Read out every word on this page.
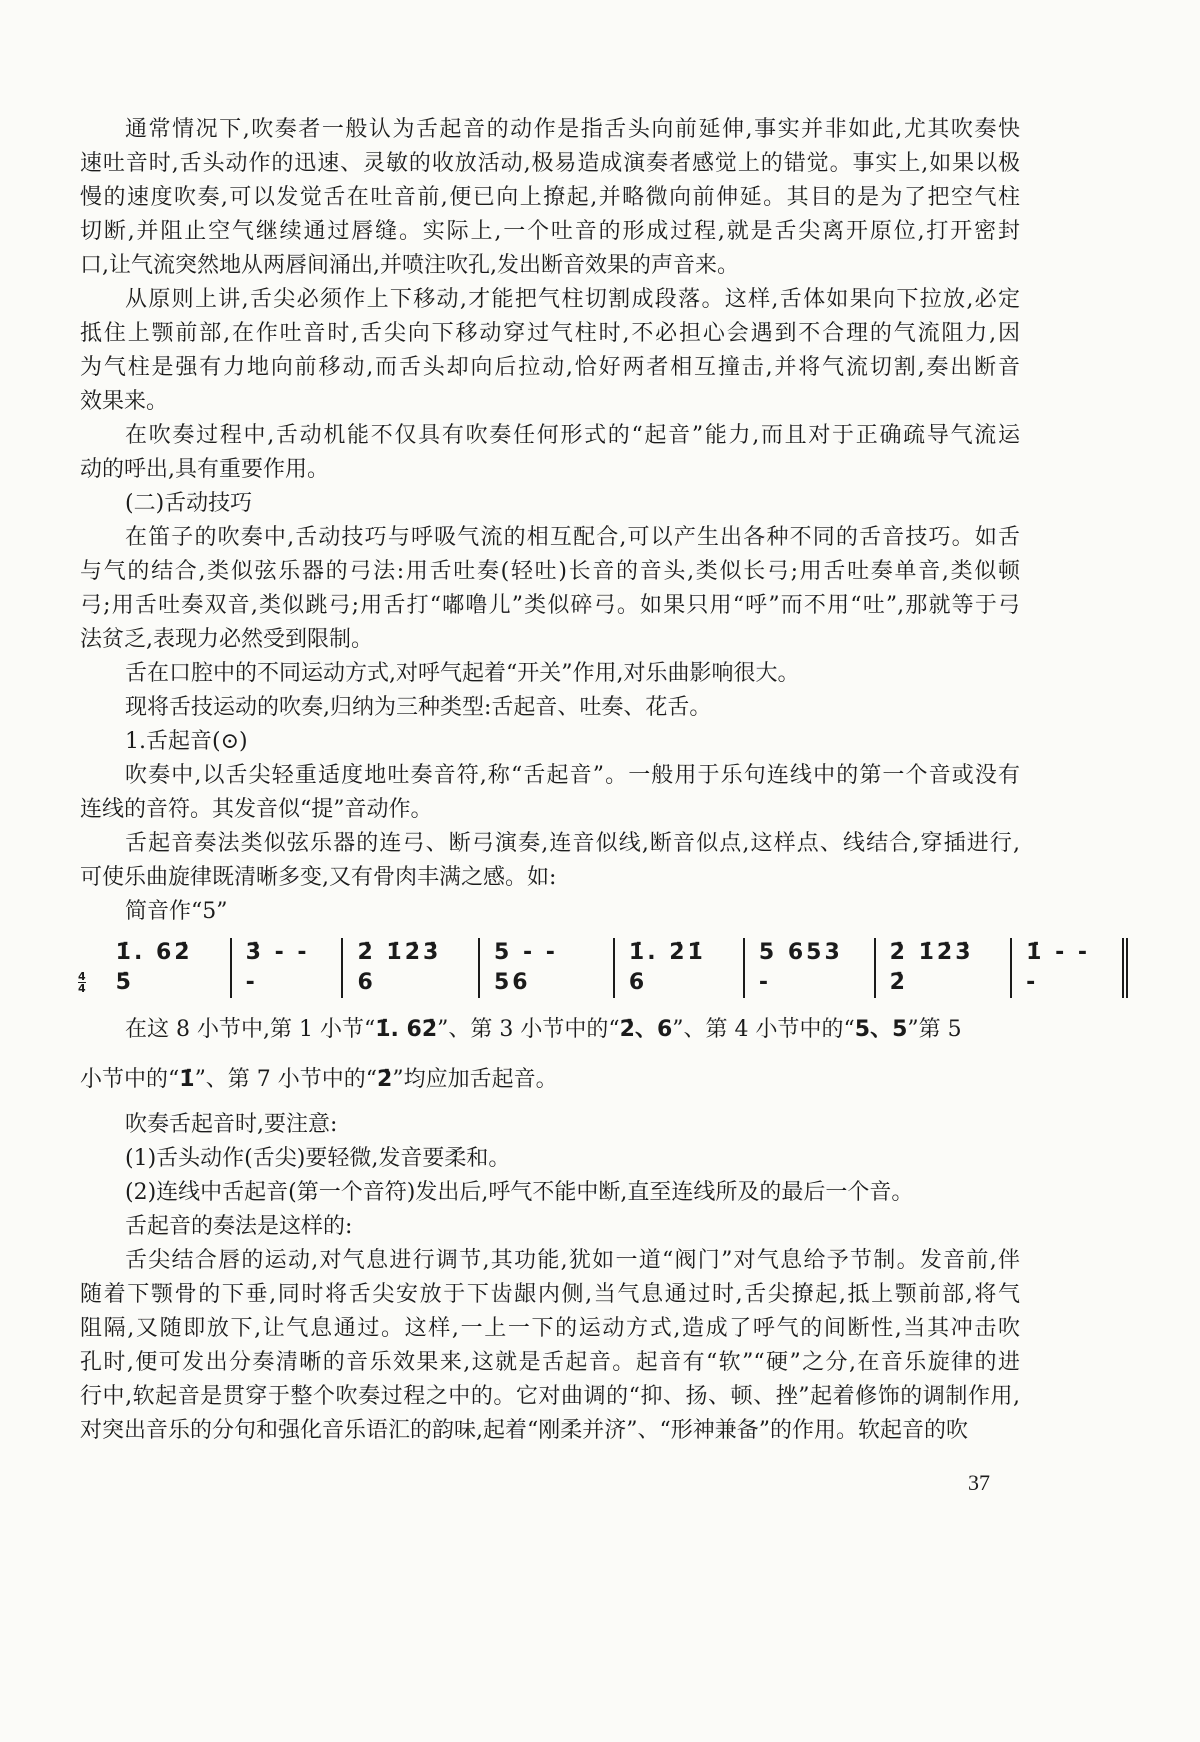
通常情况下,吹奏者一般认为舌起音的动作是指舌头向前延伸,事实并非如此,尤其吹奏快
速吐音时,舌头动作的迅速、灵敏的收放活动,极易造成演奏者感觉上的错觉。事实上,如果以极
慢的速度吹奏,可以发觉舌在吐音前,便已向上撩起,并略微向前伸延。其目的是为了把空气柱
切断,并阻止空气继续通过唇缝。实际上,一个吐音的形成过程,就是舌尖离开原位,打开密封
口,让气流突然地从两唇间涌出,并喷注吹孔,发出断音效果的声音来。
从原则上讲,舌尖必须作上下移动,才能把气柱切割成段落。这样,舌体如果向下拉放,必定
抵住上颚前部,在作吐音时,舌尖向下移动穿过气柱时,不必担心会遇到不合理的气流阻力,因
为气柱是强有力地向前移动,而舌头却向后拉动,恰好两者相互撞击,并将气流切割,奏出断音
效果来。
在吹奏过程中,舌动机能不仅具有吹奏任何形式的“起音”能力,而且对于正确疏导气流运
动的呼出,具有重要作用。
(二)舌动技巧
在笛子的吹奏中,舌动技巧与呼吸气流的相互配合,可以产生出各种不同的舌音技巧。如舌
与气的结合,类似弦乐器的弓法:用舌吐奏(轻吐)长音的音头,类似长弓;用舌吐奏单音,类似顿
弓;用舌吐奏双音,类似跳弓;用舌打“嘟噜儿”类似碎弓。如果只用“呼”而不用“吐”,那就等于弓
法贫乏,表现力必然受到限制。
舌在口腔中的不同运动方式,对呼气起着“开关”作用,对乐曲影响很大。
现将舌技运动的吹奏,归纳为三种类型:舌起音、吐奏、花舌。
1.舌起音(⊙)
吹奏中,以舌尖轻重适度地吐奏音符,称“舌起音”。一般用于乐句连线中的第一个音或没有
连线的音符。其发音似“提”音动作。
舌起音奏法类似弦乐器的连弓、断弓演奏,连音似线,断音似点,这样点、线结合,穿插进行,
可使乐曲旋律既清晰多变,又有骨肉丰满之感。如:
简音作“5”
4
4
1̇. 62̇ 5̇
3̇ - - -
2̇ 1̇2̇3̇ 6
5 - - 56
1̇. 2̇1̇ 6
5 653 -
2̇ 1̇2̇3̇ 2̇
1̇ - - -
在这 8 小节中,第 1 小节“1̇. 62̇”、第 3 小节中的“2̇、6”、第 4 小节中的“5、5”第 5
小节中的“1̇”、第 7 小节中的“2̇”均应加舌起音。
吹奏舌起音时,要注意:
(1)舌头动作(舌尖)要轻微,发音要柔和。
(2)连线中舌起音(第一个音符)发出后,呼气不能中断,直至连线所及的最后一个音。
舌起音的奏法是这样的:
舌尖结合唇的运动,对气息进行调节,其功能,犹如一道“阀门”对气息给予节制。发音前,伴
随着下颚骨的下垂,同时将舌尖安放于下齿龈内侧,当气息通过时,舌尖撩起,抵上颚前部,将气
阻隔,又随即放下,让气息通过。这样,一上一下的运动方式,造成了呼气的间断性,当其冲击吹
孔时,便可发出分奏清晰的音乐效果来,这就是舌起音。起音有“软”“硬”之分,在音乐旋律的进
行中,软起音是贯穿于整个吹奏过程之中的。它对曲调的“抑、扬、顿、挫”起着修饰的调制作用,
对突出音乐的分句和强化音乐语汇的韵味,起着“刚柔并济”、“形神兼备”的作用。软起音的吹
37
